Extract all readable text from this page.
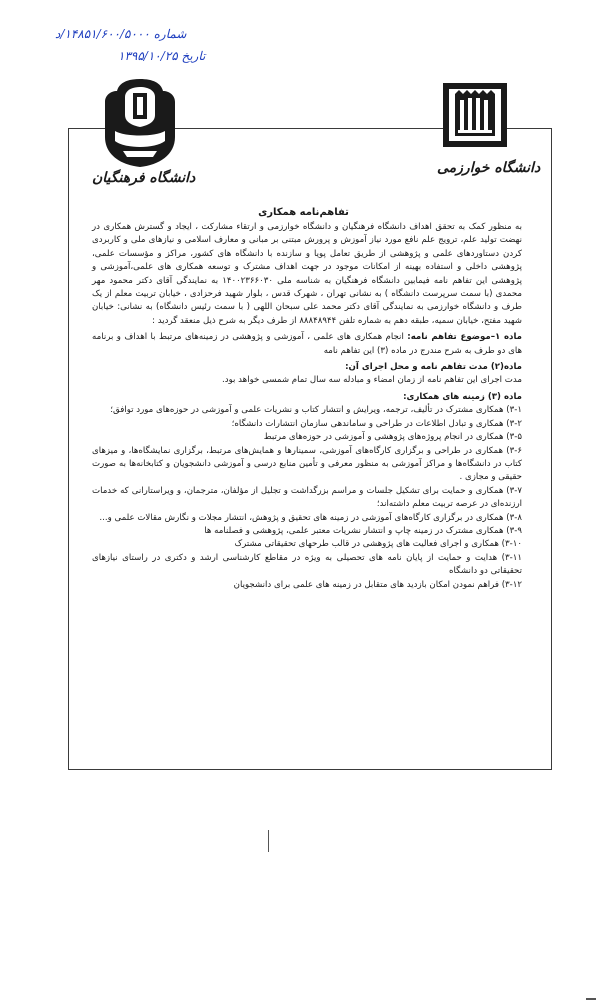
شماره ۱۴۸۵۱/۶۰۰/۵۰۰۰/د
تاریخ ۱۳۹۵/۱۰/۲۵
دانشگاه فرهنگیان
دانشگاه خوارزمی
تفاهم‌نامه همکاری

به منظور کمک به تحقق اهداف دانشگاه فرهنگیان و دانشگاه خوارزمی و ارتقاء مشارکت ، ایجاد و گسترش همکاری در نهضت تولید علم، ترویج علم نافع مورد نیاز آموزش و پرورش مبتنی بر مبانی و معارف اسلامی و نیازهای ملی و کاربردی کردن دستاوردهای علمی و پژوهشی از طریق تعامل پویا و سازنده با دانشگاه های کشور، مراکز و مؤسسات علمی، پژوهشی داخلی و استفاده بهینه از امکانات موجود در جهت اهداف مشترک و توسعه همکاری های علمی،آموزشی و پژوهشی این تفاهم نامه فیمابین دانشگاه فرهنگیان به شناسه ملی ۱۴۰۰۲۳۶۶۰۳۰ به نمایندگی آقای دکتر محمود مهر محمدی (با سمت سرپرست دانشگاه ) به نشانی تهران ، شهرک قدس ، بلوار شهید فرحزادی ، خیابان تربیت معلم از یک طرف و دانشگاه خوارزمی به نمایندگی آقای دکتر محمد علی سبحان اللهی ( با سمت رئیس دانشگاه) به نشانی: خیابان شهید مفتح، خیابان سمیه، طبقه دهم به شماره تلفن ۸۸۸۴۸۹۴۴ از طرف دیگر به شرح ذیل منعقد گردید :

ماده ۱–موضوع تفاهم نامه: انجام همکاری های علمی ، آموزشی و پژوهشی در زمینه‌های مرتبط با اهداف و برنامه های دو طرف به شرح مندرج در ماده (۳) این تفاهم نامه

ماده(۲) مدت تفاهم نامه و محل اجرای آن:

مدت اجرای این تفاهم نامه از زمان امضاء و مبادله سه سال تمام شمسی خواهد بود.

ماده (۳) زمینه های همکاری:

۳-۱) همکاری مشترک در تألیف، ترجمه، ویرایش و انتشار کتاب و نشریات علمی و آموزشی در حوزه‌های مورد توافق؛

۳-۲) همکاری و تبادل اطلاعات در طراحی و ساماندهی سازمان انتشارات دانشگاه؛

۳-۵) همکاری در انجام پروژه‌های پژوهشی و آموزشی در حوزه‌های مرتبط

۳-۶) همکاری در طراحی و برگزاری کارگاه‌های آموزشی، سمینارها و همایش‌های مرتبط، برگزاری نمایشگاه‌ها، و میزهای کتاب در دانشگاه‌ها و مراکز آموزشی به منظور معرفی و تأمین منابع درسی و آموزشی دانشجویان و کتابخانه‌ها به صورت حقیقی و مجازی .

۳-۷) همکاری و حمایت برای تشکیل جلسات و مراسم بزرگداشت و تجلیل از مؤلفان، مترجمان، و ویراستارانی که خدمات ارزنده‌ای در عرصه تربیت معلم داشته‌اند؛

۳-۸) همکاری در برگزاری کارگاه‌های آموزشی در زمینه های تحقیق و پژوهش، انتشار مجلات و نگارش مقالات علمی و...

۳-۹) همکاری مشترک در زمینه چاپ و انتشار نشریات معتبر علمی، پژوهشی و فصلنامه ها

۳-۱۰) همکاری و اجرای فعالیت های پژوهشی در قالب طرحهای تحقیقاتی مشترک

۳-۱۱) هدایت و حمایت از پایان نامه های تحصیلی به ویژه در مقاطع کارشناسی ارشد و دکتری در راستای نیازهای تحقیقاتی دو دانشگاه

۳-۱۲) فراهم نمودن امکان بازدید های متقابل در زمینه های علمی برای دانشجویان
